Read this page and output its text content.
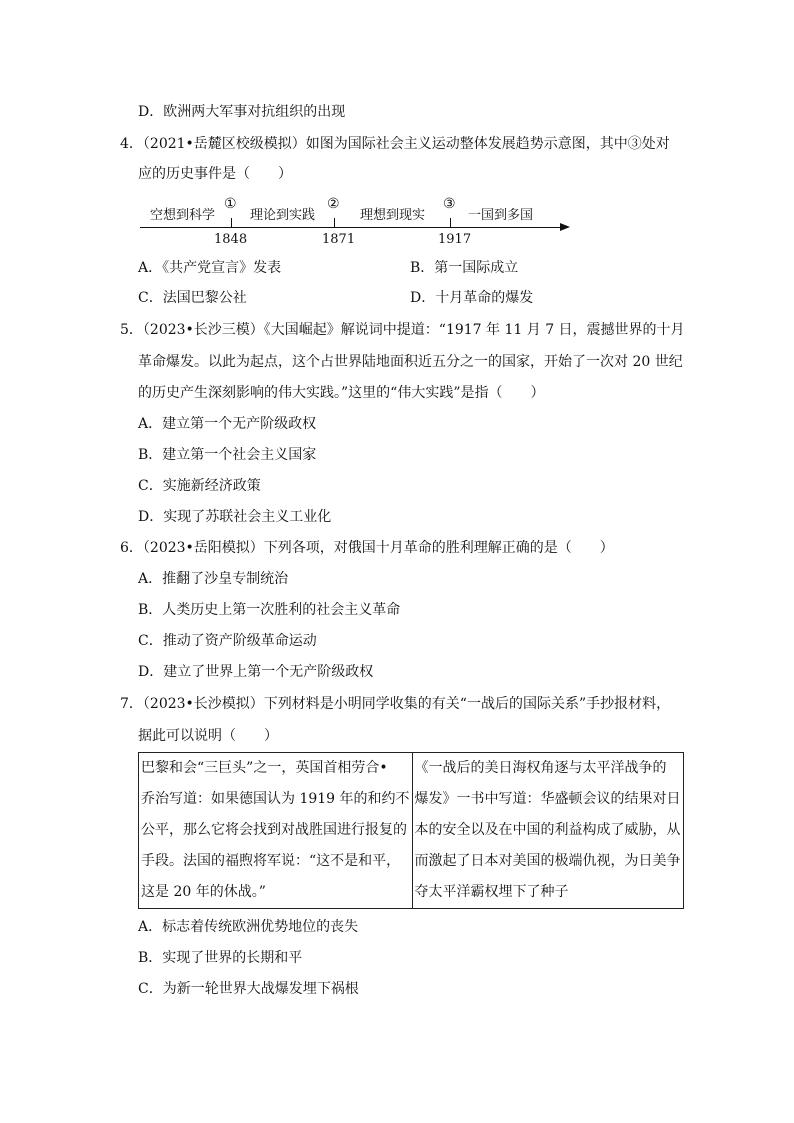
D．欧洲两大军事对抗组织的出现
4．（2021•岳麓区校级模拟）如图为国际社会主义运动整体发展趋势示意图，其中③处对
应的历史事件是（　　）
空想到科学
①
理论到实践
②
理想到现实
③
一国到多国
1848	1871	1917
A．《共产党宣言》发表	B．第一国际成立
C．法国巴黎公社	D．十月革命的爆发
5．（2023•长沙三模）《大国崛起》解说词中提道：“1917 年 11 月 7 日，震撼世界的十月
革命爆发。以此为起点，这个占世界陆地面积近五分之一的国家，开始了一次对 20 世纪
的历史产生深刻影响的伟大实践。”这里的“伟大实践”是指（　　）
A．建立第一个无产阶级政权
B．建立第一个社会主义国家
C．实施新经济政策
D．实现了苏联社会主义工业化
6．（2023•岳阳模拟）下列各项，对俄国十月革命的胜利理解正确的是（　　）
A．推翻了沙皇专制统治
B．人类历史上第一次胜利的社会主义革命
C．推动了资产阶级革命运动
D．建立了世界上第一个无产阶级政权
7．（2023•长沙模拟）下列材料是小明同学收集的有关“一战后的国际关系”手抄报材料，
据此可以说明（　　）
巴黎和会“三巨头”之一，英国首相劳合•
乔治写道：如果德国认为 1919 年的和约不
公平，那么它将会找到对战胜国进行报复的
手段。法国的福煦将军说：“这不是和平，
这是 20 年的休战。”

《一战后的美日海权角逐与太平洋战争的
爆发》一书中写道：华盛顿会议的结果对日
本的安全以及在中国的利益构成了威胁，从
而激起了日本对美国的极端仇视，为日美争
夺太平洋霸权埋下了种子
A．标志着传统欧洲优势地位的丧失
B．实现了世界的长期和平
C．为新一轮世界大战爆发埋下祸根
